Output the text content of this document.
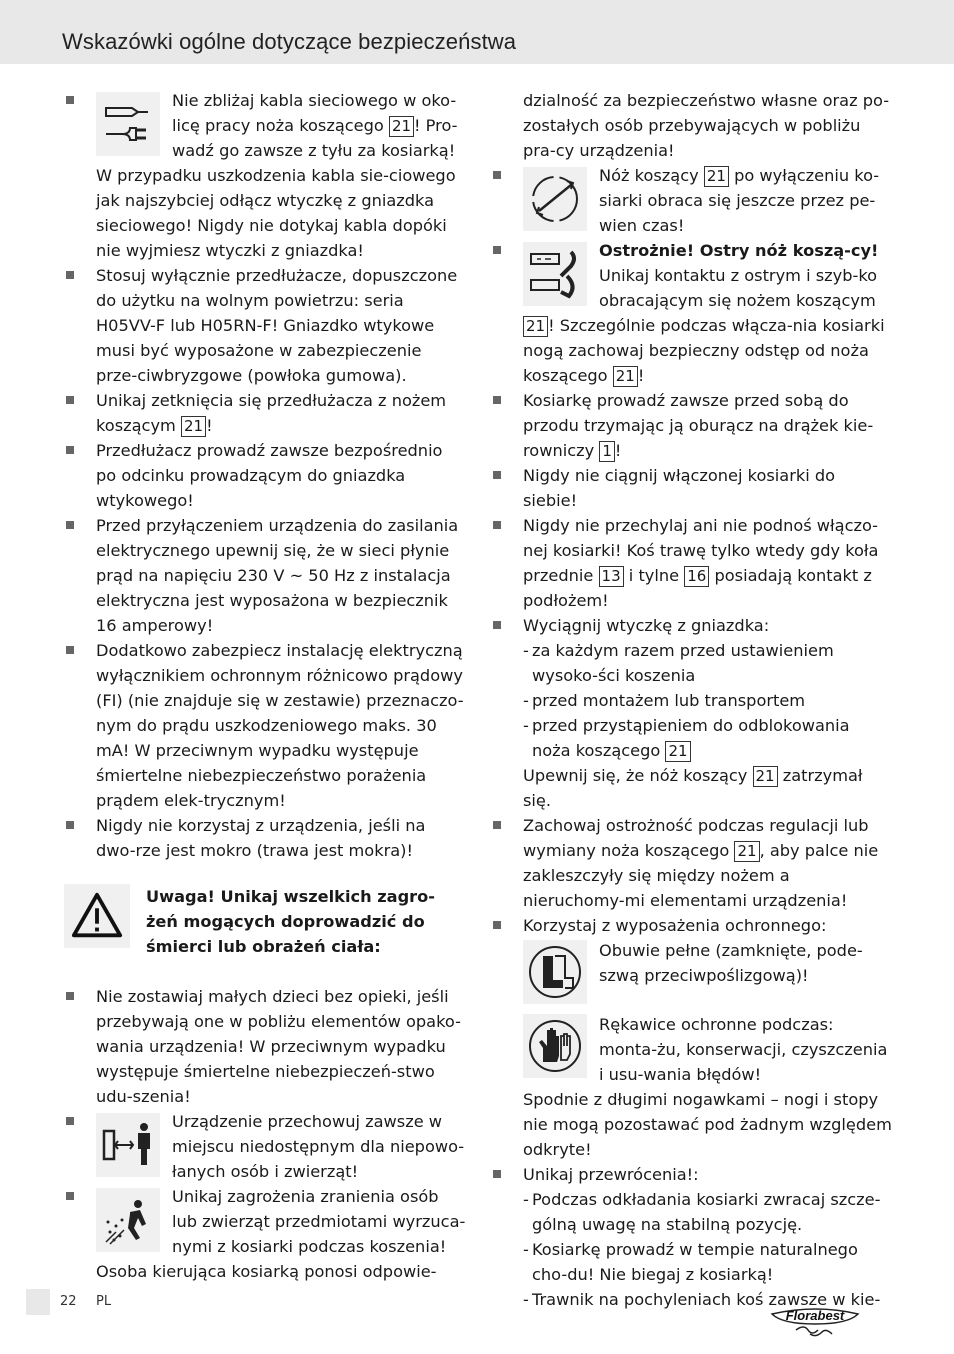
Wskazówki ogólne dotyczące bezpieczeństwa
Nie zbliżaj kabla sieciowego w oko-licę pracy noża koszącego 21 ! Pro-wadź go zawsze z tyłu za kosiarką! W przypadku uszkodzenia kabla sie-ciowego jak najszybciej odłącz wtyczkę z gniazdka sieciowego! Nigdy nie dotykaj kabla dopóki nie wyjmiesz wtyczki z gniazdka!
Stosuj wyłącznie przedłużacze, dopuszczone do użytku na wolnym powietrzu: seria H05VV-F lub H05RN-F! Gniazdko wtykowe musi być wyposażone w zabezpieczenie prze-ciwbryzgowe (powłoka gumowa).
Unikaj zetknięcia się przedłużacza z nożem koszącym 21 !
Przedłużacz prowadź zawsze bezpośrednio po odcinku prowadzącym do gniazdka wtykowego!
Przed przyłączeniem urządzenia do zasilania elektrycznego upewnij się, że w sieci płynie prąd na napięciu 230 V ~ 50 Hz z instalacja elektryczna jest wyposażona w bezpiecznik 16 amperowy!
Dodatkowo zabezpiecz instalację elektryczną wyłącznikiem ochronnym różnicowo prądowy (FI) (nie znajduje się w zestawie) przeznaczo-nym do prądu uszkodzeniowego maks. 30 mA! W przeciwnym wypadku występuje śmiertelne niebezpieczeństwo porażenia prądem elek-trycznym!
Nigdy nie korzystaj z urządzenia, jeśli na dwo-rze jest mokro (trawa jest mokra)!
Uwaga! Unikaj wszelkich zagro-żeń mogących doprowadzić do śmierci lub obrażeń ciała:
Nie zostawiaj małych dzieci bez opieki, jeśli przebywają one w pobliżu elementów opako-wania urządzenia! W przeciwnym wypadku występuje śmiertelne niebezpieczeń-stwo udu-szenia!
Urządzenie przechowuj zawsze w miejscu niedostępnym dla niepowo-łanych osób i zwierząt!
Unikaj zagrożenia zranienia osób lub zwierząt przedmiotami wyrzuca-nymi z kosiarki podczas koszenia! Osoba kierująca kosiarką ponosi odpowie-
dzialność za bezpieczeństwo własne oraz po-zostałych osób przebywających w pobliżu pra-cy urządzenia!
Nóż koszący 21 po wyłączeniu ko-siarki obraca się jeszcze przez pe-wien czas!
Ostrożnie! Ostry nóż koszą-cy! Unikaj kontaktu z ostrym i szyb-ko obracającym się nożem koszącym 21 ! Szczególnie podczas włącza-nia kosiarki nogą zachowaj bezpieczny odstęp od noża koszącego 21 !
Kosiarkę prowadź zawsze przed sobą do przodu trzymając ją oburącz na drążek kie-rowniczy 1 !
Nigdy nie ciągnij włączonej kosiarki do siebie!
Nigdy nie przechylaj ani nie podnoś włączo-nej kosiarki! Koś trawę tylko wtedy gdy koła przednie 13 i tylne 16 posiadają kontakt z podłożem!
Wyciągnij wtyczkę z gniazdka:
- za każdym razem przed ustawieniem wysoko-ści koszenia
- przed montażem lub transportem
- przed przystąpieniem do odblokowania noża koszącego 21
Upewnij się, że nóż koszący 21 zatrzymał się.
Zachowaj ostrożność podczas regulacji lub wymiany noża koszącego 21 , aby palce nie zakleszczyły się między nożem a nieruchomy-mi elementami urządzenia!
Korzystaj z wyposażenia ochronnego:
Obuwie pełne (zamknięte, pode-szwą przeciwpoślizgową)!
Rękawice ochronne podczas: monta-żu, konserwacji, czyszczenia i usu-wania błędów!
Spodnie z długimi nogawkami – nogi i stopy nie mogą pozostawać pod żadnym względem odkryte!
Unikaj przewrócenia!:
- Podczas odkładania kosiarki zwracaj szcze-gólną uwagę na stabilną pozycję.
- Kosiarkę prowadź w tempie naturalnego cho-du! Nie biegaj z kosiarką!
- Trawnik na pochyleniach koś zawsze w kie-
22 PL
Florabest
